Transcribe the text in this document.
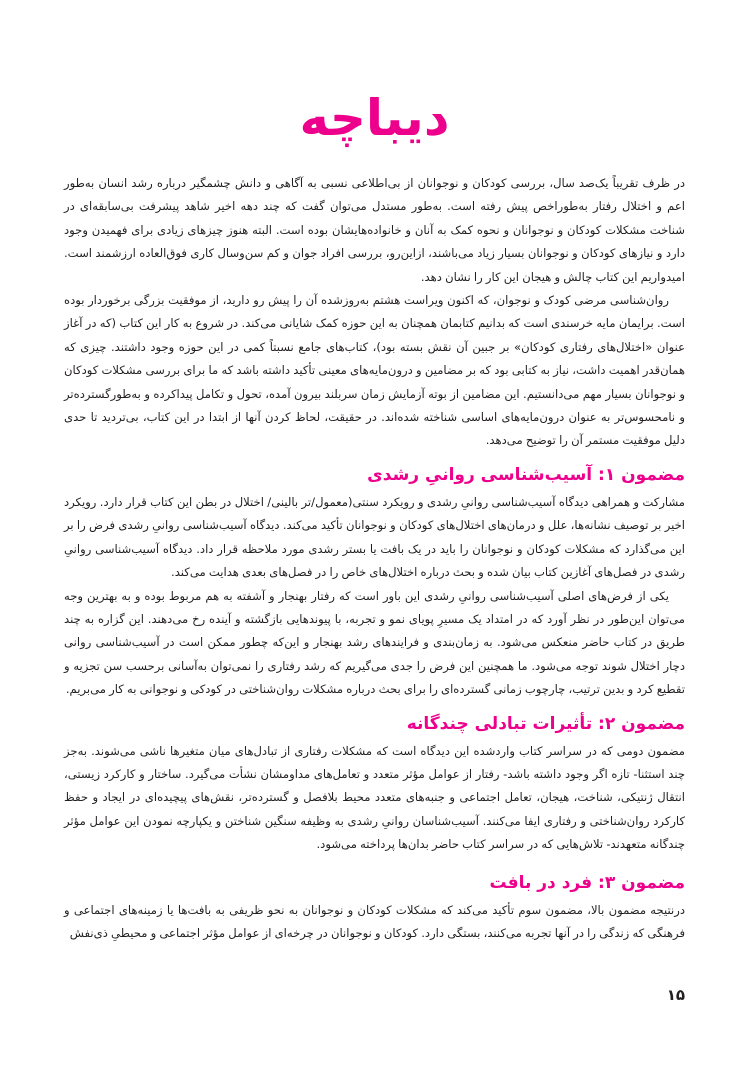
دیباچه

در ظرف تقریباً یک‌صد سال، بررسی کودکان و نوجوانان از بی‌اطلاعی نسبی به آگاهی و دانش چشمگیر درباره رشد انسان به‌طور اعم و اختلال رفتار به‌طوراخص پیش رفته است. به‌طور مستدل می‌توان گفت که چند دهه اخیر شاهد پیشرفت بی‌سابقه‌ای در شناخت مشکلات کودکان و نوجوانان و نحوه کمک به آنان و خانواده‌هایشان بوده است. البته هنوز چیزهای زیادی برای فهمیدن وجود دارد و نیازهای کودکان و نوجوانان بسیار زیاد می‌باشند، ازاین‌رو، بررسی افراد جوان و کم سن‌وسال کاری فوق‌العاده ارزشمند است. امیدواریم این کتاب چالش و هیجان این کار را نشان دهد.

روان‌شناسی مرضی کودک و نوجوان، که اکنون ویراست هشتم به‌روزشده آن را پیش رو دارید، از موفقیت بزرگی برخوردار بوده است. برایمان مایه خرسندی است که بدانیم کتابمان همچنان به این حوزه کمک شایانی می‌کند. در شروع به کار این کتاب (که در آغاز عنوان «اختلال‌های رفتاری کودکان» بر جبین آن نقش بسته بود)، کتاب‌های جامع نسبتاً کمی در این حوزه وجود داشتند. چیزی که همان‌قدر اهمیت داشت، نیاز به کتابی بود که بر مضامین و درون‌مایه‌های معینی تأکید داشته باشد که ما برای بررسی مشکلات کودکان و نوجوانان بسیار مهم می‌دانستیم. این مضامین از بوته آزمایش زمان سربلند بیرون آمده، تحول و تکامل پیداکرده و به‌طورگسترده‌تر و نامحسوس‌تر به عنوان درون‌مایه‌های اساسی شناخته شده‌اند. در حقیقت، لحاظ کردن آنها از ابتدا در این کتاب، بی‌تردید تا حدی دلیل موفقیت مستمر آن را توضیح می‌دهد.

مضمون ۱: آسیب‌شناسی روانیِ رشدی

مشارکت و همراهی دیدگاه آسیب‌شناسی روانیِ رشدی و رویکرد سنتی(معمول/تر بالینی/ اختلال در بطن این کتاب قرار دارد. رویکرد اخیر بر توصیف نشانه‌ها، علل و درمان‌های اختلال‌های کودکان و نوجوانان تأکید می‌کند. دیدگاه آسیب‌شناسی روانیِ رشدی فرض را بر این می‌گذارد که مشکلات کودکان و نوجوانان را باید در یک بافت یا بستر رشدی مورد ملاحظه قرار داد. دیدگاه آسیب‌شناسی روانیِ رشدی در فصل‌های آغازین کتاب بیان شده و بحث درباره اختلال‌های خاص را در فصل‌های بعدی هدایت می‌کند.

یکی از فرض‌های اصلی آسیب‌شناسی روانیِ رشدی این باور است که رفتار بهنجار و آشفته به هم مربوط بوده و به بهترین وجه می‌توان این‌طور در نظر آورد که در امتداد یک مسیرِ پویای نمو و تجربه، با پیوندهایی بازگشته و آینده رخ می‌دهند. این گزاره به چند طریق در کتاب حاضر منعکس می‌شود. به زمان‌بندی و فرایندهای رشد بهنجار و این‌که چطور ممکن است در آسیب‌شناسی روانی دچار اختلال شوند توجه می‌شود. ما همچنین این فرض را جدی می‌گیریم که رشد رفتاری را نمی‌توان به‌آسانی برحسب سن تجزیه و تقطیع کرد و بدین ترتیب، چارچوب زمانی گسترده‌ای را برای بحث درباره مشکلات روان‌شناختی در کودکی و نوجوانی به کار می‌بریم.

مضمون ۲: تأثیرات تبادلی چندگانه

مضمون دومی که در سراسر کتاب واردشده این دیدگاه است که مشکلات رفتاری از تبادل‌های میان متغیرها ناشی می‌شوند. به‌جز چند استثنا- تازه اگر وجود داشته باشد- رفتار از عوامل مؤثر متعدد و تعامل‌های مداومشان نشأت می‌گیرد. ساختار و کارکرد زیستی، انتقال ژنتیکی، شناخت، هیجان، تعامل اجتماعی و جنبه‌های متعدد محیط بلافصل و گسترده‌تر، نقش‌های پیچیده‌ای در ایجاد و حفظ کارکرد روان‌شناختی و رفتاری ایفا می‌کنند. آسیب‌شناسان روانیِ رشدی به وظیفه سنگین شناختن و یکپارچه نمودن این عوامل مؤثر چندگانه متعهدند- تلاش‌هایی که در سراسر کتاب حاضر بدان‌ها پرداخته می‌شود.

مضمون ۳: فرد در بافت

درنتیجه مضمون بالا، مضمون سوم تأکید می‌کند که مشکلات کودکان و نوجوانان به نحو ظریفی به بافت‌ها یا زمینه‌های اجتماعی و فرهنگی که زندگی را در آنها تجربه می‌کنند، بستگی دارد. کودکان و نوجوانان در چرخه‌ای از عوامل مؤثر اجتماعی و محیطیِ ذی‌نفش

۱۵
